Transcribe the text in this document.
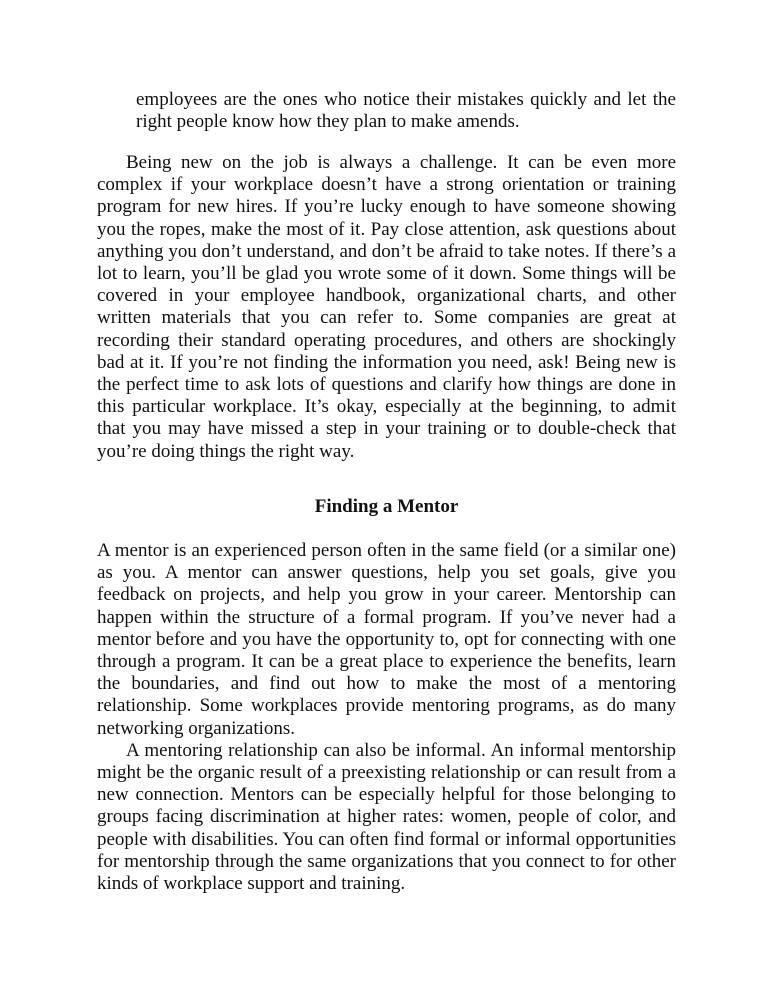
employees are the ones who notice their mistakes quickly and let the right people know how they plan to make amends.

Being new on the job is always a challenge. It can be even more complex if your workplace doesn’t have a strong orientation or training program for new hires. If you’re lucky enough to have someone showing you the ropes, make the most of it. Pay close attention, ask questions about anything you don’t understand, and don’t be afraid to take notes. If there’s a lot to learn, you’ll be glad you wrote some of it down. Some things will be covered in your employee handbook, organizational charts, and other written materials that you can refer to. Some companies are great at recording their standard operating procedures, and others are shockingly bad at it. If you’re not finding the information you need, ask! Being new is the perfect time to ask lots of questions and clarify how things are done in this particular workplace. It’s okay, especially at the beginning, to admit that you may have missed a step in your training or to double-check that you’re doing things the right way.

Finding a Mentor

A mentor is an experienced person often in the same field (or a similar one) as you. A mentor can answer questions, help you set goals, give you feedback on projects, and help you grow in your career. Mentorship can happen within the structure of a formal program. If you’ve never had a mentor before and you have the opportunity to, opt for connecting with one through a program. It can be a great place to experience the benefits, learn the boundaries, and find out how to make the most of a mentoring relationship. Some workplaces provide mentoring programs, as do many networking organizations.

A mentoring relationship can also be informal. An informal mentorship might be the organic result of a preexisting relationship or can result from a new connection. Mentors can be especially helpful for those belonging to groups facing discrimination at higher rates: women, people of color, and people with disabilities. You can often find formal or informal opportunities for mentorship through the same organizations that you connect to for other kinds of workplace support and training.
